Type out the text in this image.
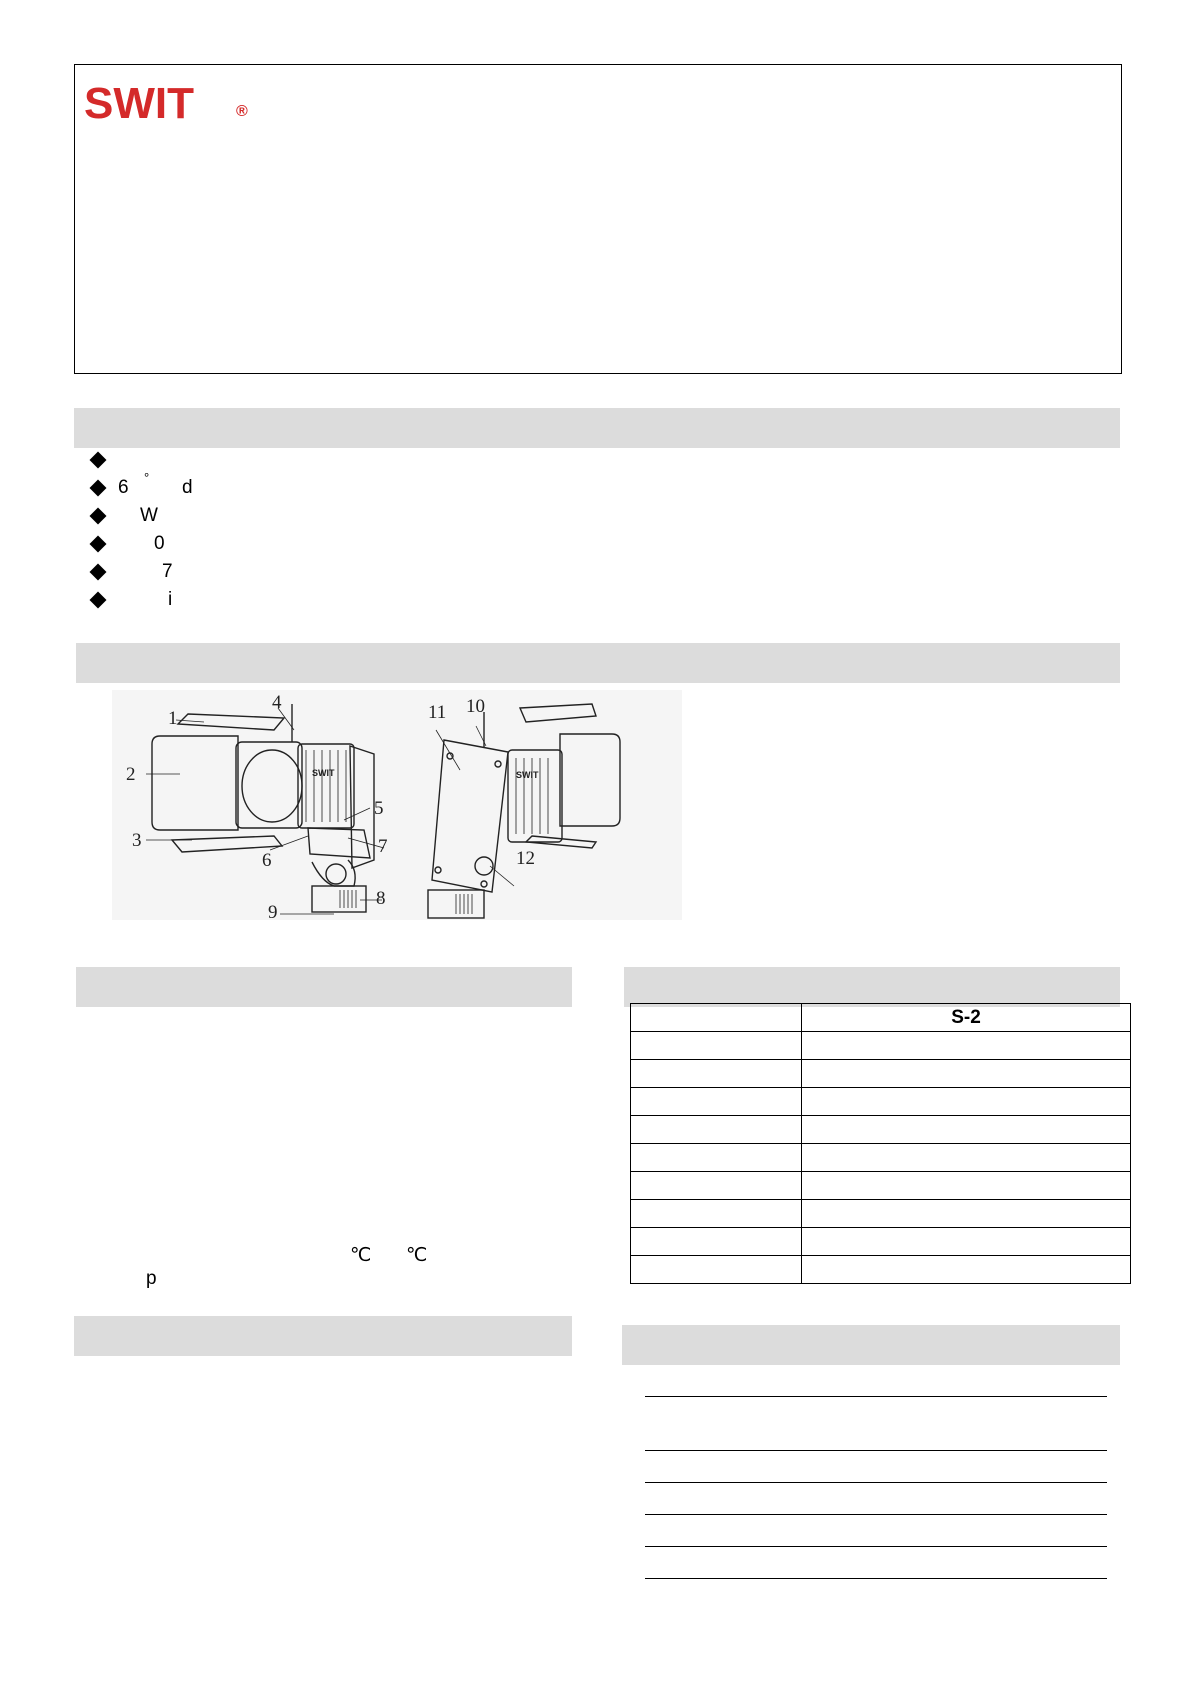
SWIT	®
6 ° d
W
0
7
i
1
2
3
4
5
6
7
8
9
10
11
12
SWIT	SWIT
℃ ℃
p
	S-2
